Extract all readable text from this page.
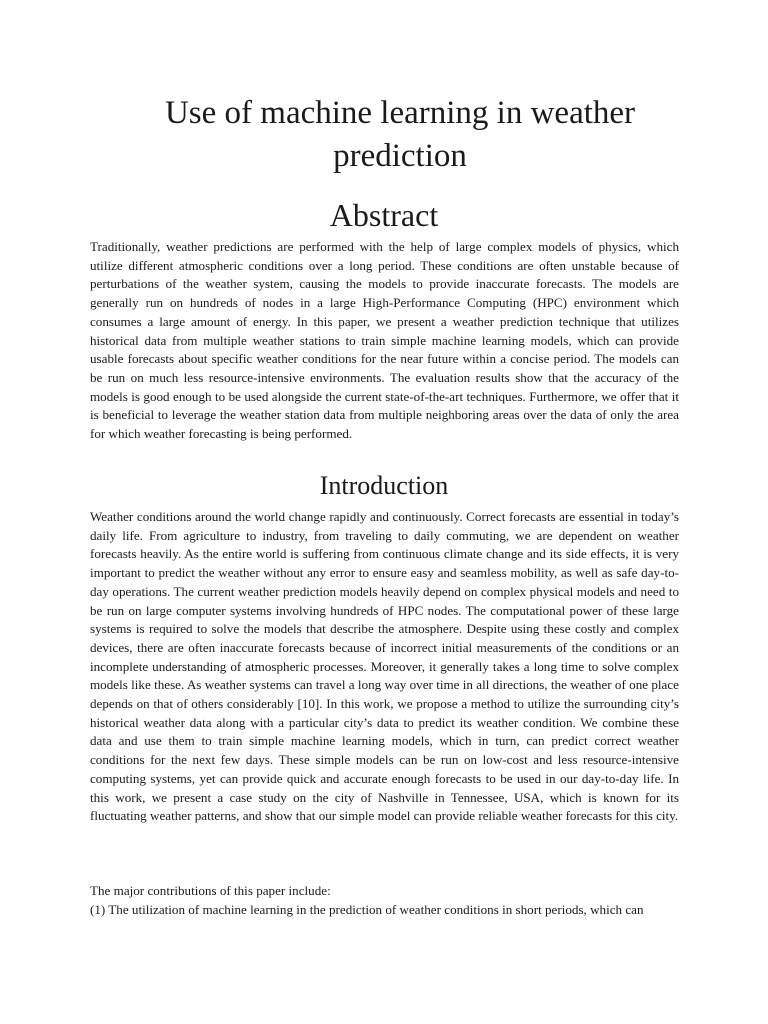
Use of machine learning in weather prediction
Abstract

Traditionally, weather predictions are performed with the help of large complex models of physics, which utilize different atmospheric conditions over a long period. These conditions are often unstable because of perturbations of the weather system, causing the models to provide inaccurate forecasts. The models are generally run on hundreds of nodes in a large High-Performance Computing (HPC) environment which consumes a large amount of energy. In this paper, we present a weather prediction technique that utilizes historical data from multiple weather stations to train simple machine learning models, which can provide usable forecasts about specific weather conditions for the near future within a concise period. The models can be run on much less resource-intensive environments. The evaluation results show that the accuracy of the models is good enough to be used alongside the current state-of-the-art techniques. Furthermore, we offer that it is beneficial to leverage the weather station data from multiple neighboring areas over the data of only the area for which weather forecasting is being performed.

Introduction

Weather conditions around the world change rapidly and continuously. Correct forecasts are essential in today’s daily life. From agriculture to industry, from traveling to daily commuting, we are dependent on weather forecasts heavily. As the entire world is suffering from continuous climate change and its side effects, it is very important to predict the weather without any error to ensure easy and seamless mobility, as well as safe day-to-day operations. The current weather prediction models heavily depend on complex physical models and need to be run on large computer systems involving hundreds of HPC nodes. The computational power of these large systems is required to solve the models that describe the atmosphere. Despite using these costly and complex devices, there are often inaccurate forecasts because of incorrect initial measurements of the conditions or an incomplete understanding of atmospheric processes. Moreover, it generally takes a long time to solve complex models like these. As weather systems can travel a long way over time in all directions, the weather of one place depends on that of others considerably [10]. In this work, we propose a method to utilize the surrounding city’s historical weather data along with a particular city’s data to predict its weather condition. We combine these data and use them to train simple machine learning models, which in turn, can predict correct weather conditions for the next few days. These simple models can be run on low-cost and less resource-intensive computing systems, yet can provide quick and accurate enough forecasts to be used in our day-to-day life. In this work, we present a case study on the city of Nashville in Tennessee, USA, which is known for its fluctuating weather patterns, and show that our simple model can provide reliable weather forecasts for this city.

The major contributions of this paper include:
(1) The utilization of machine learning in the prediction of weather conditions in short periods, which can
